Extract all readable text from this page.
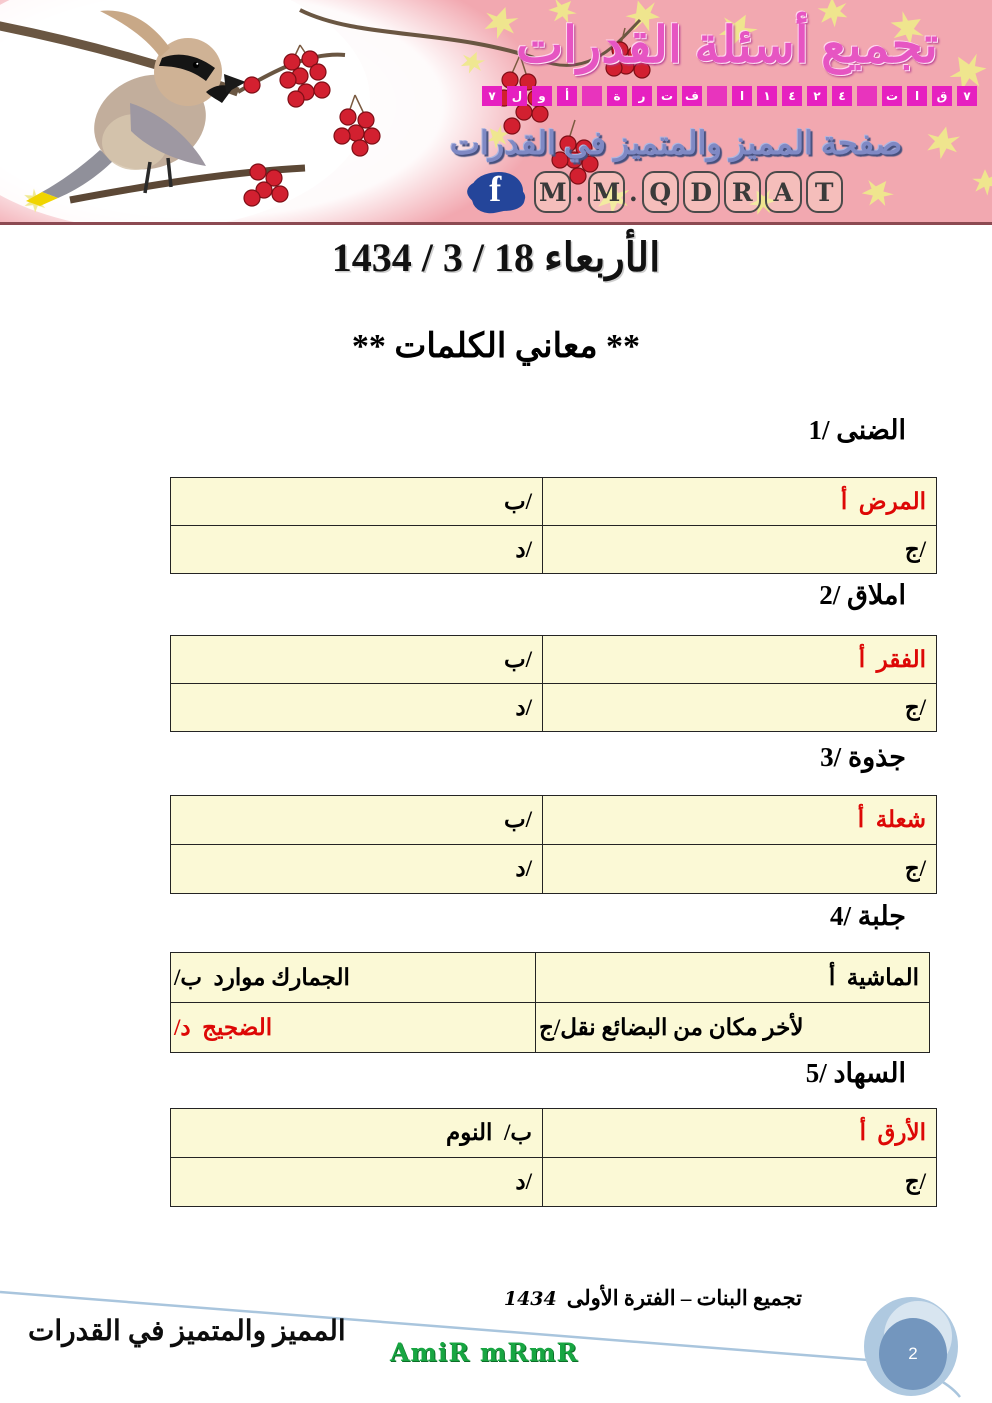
تجميع أسئلة القدرات
٧	ل	و	أ	ة	ر	ت ف	ا	١	٤	٢	٤	ت	ا	ق	٧
صفحة المميز والمتميز في القدرات
f M . M . Q D R A T
الأربعاء 18 / 3 / 1434
** معاني الكلمات **
1/ الضنى
ب/	أ‎  ‎المرض
د/	ج/
2/ املاق
ب/	أ‎  ‎الفقر
د/	ج/
3/ جذوة
ب/	أ‎  ‎شعلة
د/	ج/
4/ جلبة
/ب‎  ‎موارد‎ ‎الجمارك	أ‎  ‎الماشية
/د‎  ‎الضجيج	ج/‎نقل‎ ‎البضائع‎ ‎من‎ ‎مكان‎ ‎لأخر
5/ السهاد
النوم‎  ‎/ب	أ‎  ‎الأرق
د/	ج/
تجميع البنات – الفترة الأولى
1434
المميز والمتميز في القدرات
AmiR mRmR	2
